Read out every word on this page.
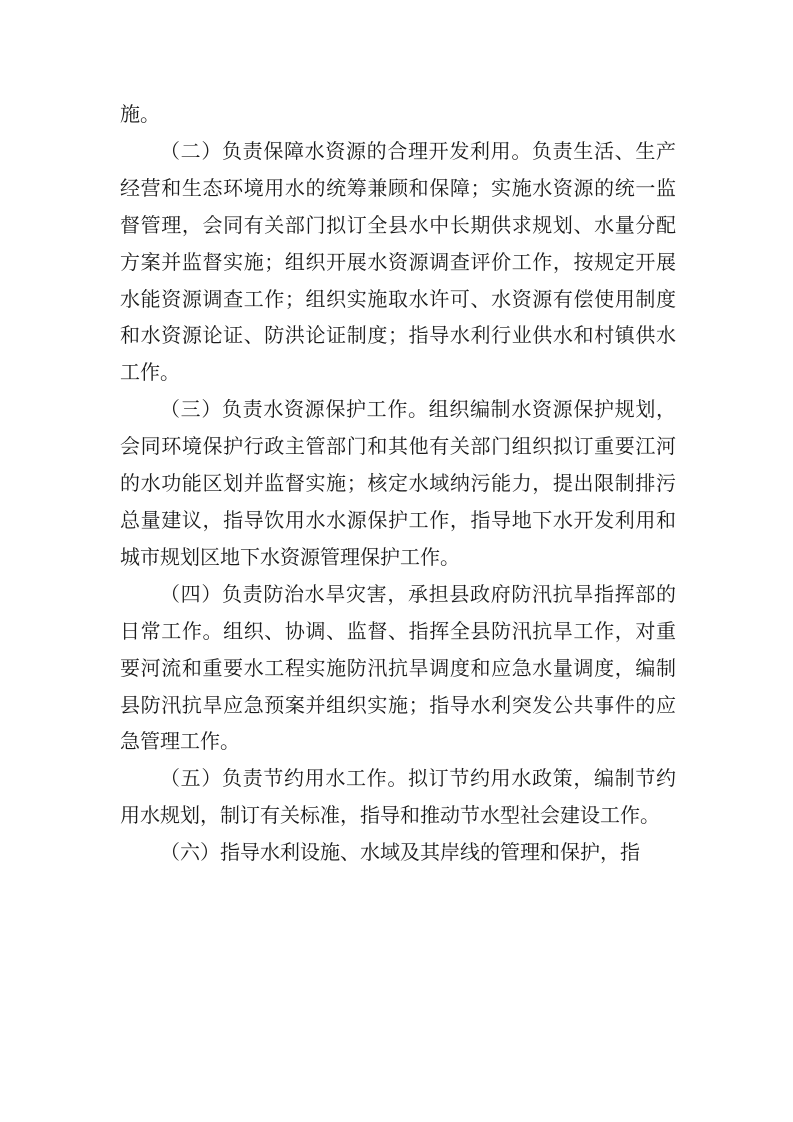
施。

（二）负责保障水资源的合理开发利用。负责生活、生产经营和生态环境用水的统筹兼顾和保障；实施水资源的统一监督管理，会同有关部门拟订全县水中长期供求规划、水量分配方案并监督实施；组织开展水资源调查评价工作，按规定开展水能资源调查工作；组织实施取水许可、水资源有偿使用制度和水资源论证、防洪论证制度；指导水利行业供水和村镇供水工作。

（三）负责水资源保护工作。组织编制水资源保护规划，会同环境保护行政主管部门和其他有关部门组织拟订重要江河的水功能区划并监督实施；核定水域纳污能力，提出限制排污总量建议，指导饮用水水源保护工作，指导地下水开发利用和城市规划区地下水资源管理保护工作。

（四）负责防治水旱灾害，承担县政府防汛抗旱指挥部的日常工作。组织、协调、监督、指挥全县防汛抗旱工作，对重要河流和重要水工程实施防汛抗旱调度和应急水量调度，编制县防汛抗旱应急预案并组织实施；指导水利突发公共事件的应急管理工作。

（五）负责节约用水工作。拟订节约用水政策，编制节约用水规划，制订有关标准，指导和推动节水型社会建设工作。

（六）指导水利设施、水域及其岸线的管理和保护，指
